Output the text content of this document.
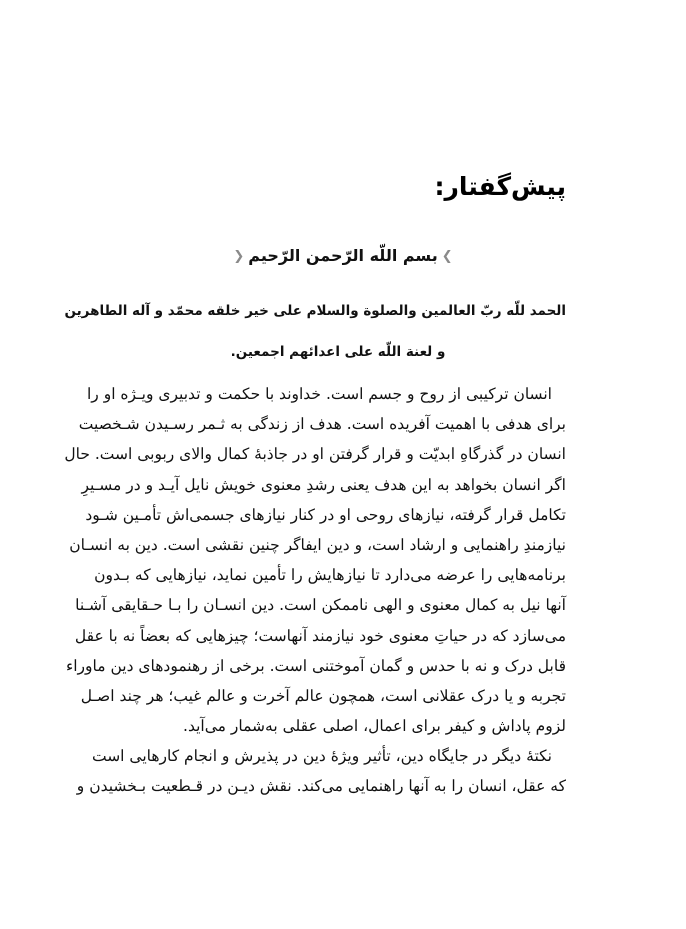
پیش‌گفتار:
❯بسم اللّه الرّحمن الرّحیم❮
الحمد للّه ربّ العالمین والصلوة والسلام علی خیر خلقه محمّد و آله الطاهرین
و لعنة اللّه علی اعدائهم اجمعین.
انسان ترکیبی از روح و جسم است. خداوند با حکمت و تدبیری ویـژه او را
برای هدفی با اهمیت آفریده است. هدف از زندگی به ثـمر رسـیدن شـخصیت
انسان در گذرگاهِ ابدیّت و قرار گرفتن او در جاذبهٔ کمال والای ربوبی است. حال
اگر انسان بخواهد به این هدف یعنی رشدِ معنوی خویش نایل آیـد و در مسـیرِ
تکامل قرار گرفته، نیازهای روحی او در کنار نیازهای جسمی‌اش تأمـین شـود
نیازمندِ راهنمایی و ارشاد است، و دین ایفاگر چنین نقشی است. دین به انسـان
برنامه‌هایی را عرضه می‌دارد تا نیازهایش را تأمین نماید، نیازهایی که بـدون
آنها نیل به کمال معنوی و الهی ناممکن است. دین انسـان را بـا حـقایقی آشـنا
می‌سازد که در حیاتِ معنوی خود نیازمند آنهاست؛ چیزهایی که بعضاً نه با عقل
قابل درک و نه با حدس و گمان آموختنی است. برخی از رهنمودهای دین ماوراء
تجربه و یا درک عقلانی است، همچون عالم آخرت و عالم غیب؛ هر چند اصـل
لزوم پاداش و کیفر برای اعمال، اصلی عقلی به‌شمار می‌آید.
نکتهٔ دیگر در جایگاه دین، تأثیر ویژهٔ دین در پذیرش و انجام کارهایی است
که عقل، انسان را به آنها راهنمایی می‌کند. نقش دیـن در قـطعیت بـخشیدن و
